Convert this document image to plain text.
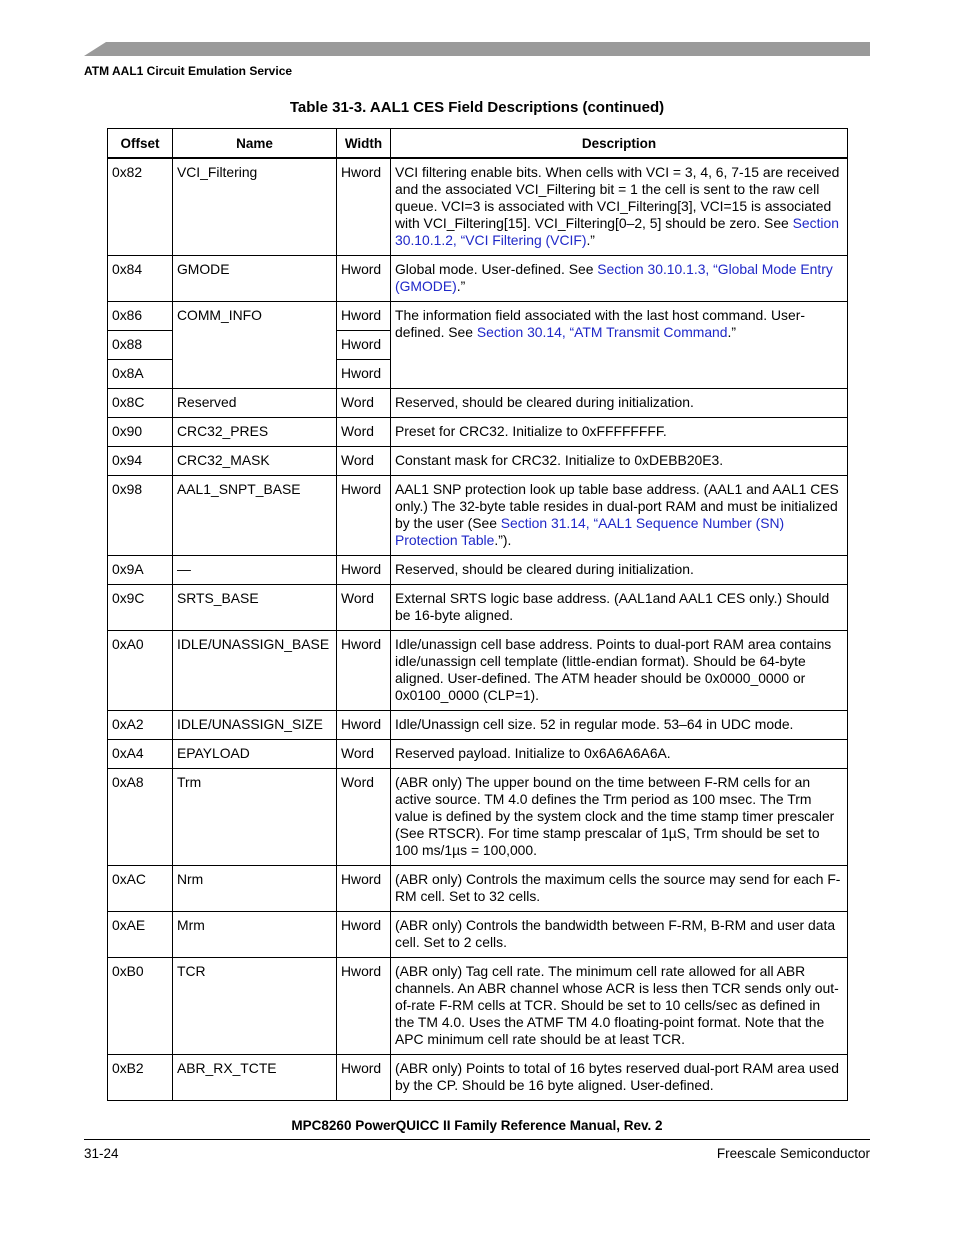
ATM AAL1 Circuit Emulation Service
Table 31-3. AAL1 CES Field Descriptions (continued)
Offset	Name	Width	Description
0x82	VCI_Filtering	Hword	VCI filtering enable bits. When cells with VCI = 3, 4, 6, 7-15 are received and the associated VCI_Filtering bit = 1 the cell is sent to the raw cell queue. VCI=3 is associated with VCI_Filtering[3], VCI=15 is associated with VCI_Filtering[15]. VCI_Filtering[0–2, 5] should be zero. See Section 30.10.1.2, “VCI Filtering (VCIF).”
0x84	GMODE	Hword	Global mode. User-defined. See Section 30.10.1.3, “Global Mode Entry (GMODE).”
0x86	COMM_INFO	Hword	The information field associated with the last host command. User-defined. See Section 30.14, “ATM Transmit Command.”
0x88		Hword	
0x8A		Hword	
0x8C	Reserved	Word	Reserved, should be cleared during initialization.
0x90	CRC32_PRES	Word	Preset for CRC32. Initialize to 0xFFFFFFFF.
0x94	CRC32_MASK	Word	Constant mask for CRC32. Initialize to 0xDEBB20E3.
0x98	AAL1_SNPT_BASE	Hword	AAL1 SNP protection look up table base address. (AAL1 and AAL1 CES only.) The 32-byte table resides in dual-port RAM and must be initialized by the user (See Section 31.14, “AAL1 Sequence Number (SN) Protection Table.”).
0x9A	—	Hword	Reserved, should be cleared during initialization.
0x9C	SRTS_BASE	Word	External SRTS logic base address. (AAL1and AAL1 CES only.) Should be 16-byte aligned.
0xA0	IDLE/UNASSIGN_BASE	Hword	Idle/unassign cell base address. Points to dual-port RAM area contains idle/unassign cell template (little-endian format). Should be 64-byte aligned. User-defined. The ATM header should be 0x0000_0000 or 0x0100_0000 (CLP=1).
0xA2	IDLE/UNASSIGN_SIZE	Hword	Idle/Unassign cell size. 52 in regular mode. 53–64 in UDC mode.
0xA4	EPAYLOAD	Word	Reserved payload. Initialize to 0x6A6A6A6A.
0xA8	Trm	Word	(ABR only) The upper bound on the time between F-RM cells for an active source. TM 4.0 defines the Trm period as 100 msec. The Trm value is defined by the system clock and the time stamp timer prescaler (See RTSCR). For time stamp prescalar of 1µS, Trm should be set to 100 ms/1µs = 100,000.
0xAC	Nrm	Hword	(ABR only) Controls the maximum cells the source may send for each F-RM cell. Set to 32 cells.
0xAE	Mrm	Hword	(ABR only) Controls the bandwidth between F-RM, B-RM and user data cell. Set to 2 cells.
0xB0	TCR	Hword	(ABR only) Tag cell rate. The minimum cell rate allowed for all ABR channels. An ABR channel whose ACR is less then TCR sends only out-of-rate F-RM cells at TCR. Should be set to 10 cells/sec as defined in the TM 4.0. Uses the ATMF TM 4.0 floating-point format. Note that the APC minimum cell rate should be at least TCR.
0xB2	ABR_RX_TCTE	Hword	(ABR only) Points to total of 16 bytes reserved dual-port RAM area used by the CP. Should be 16 byte aligned. User-defined.
MPC8260 PowerQUICC II Family Reference Manual, Rev. 2
31-24	Freescale Semiconductor
